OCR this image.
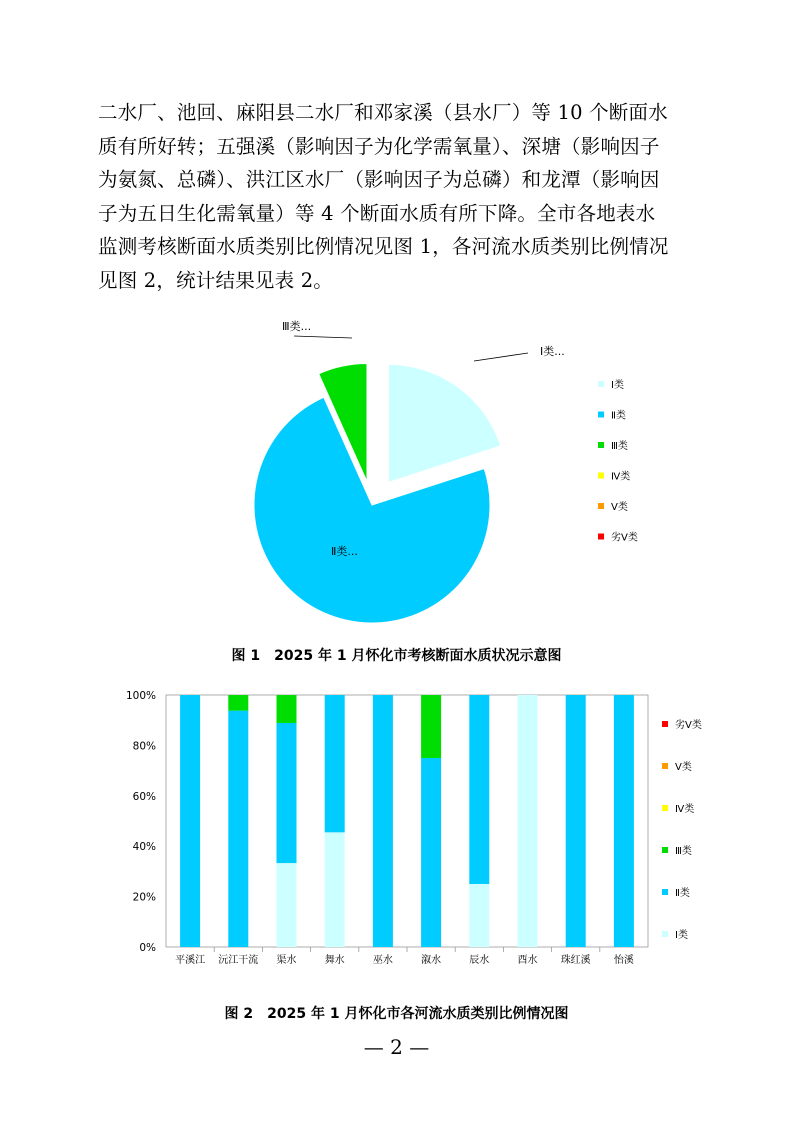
二水厂、池回、麻阳县二水厂和邓家溪（县水厂）等 10 个断面水
质有所好转；五强溪（影响因子为化学需氧量）、深塘（影响因子
为氨氮、总磷）、洪江区水厂（影响因子为总磷）和龙潭（影响因
子为五日生化需氧量）等 4 个断面水质有所下降。全市各地表水
监测考核断面水质类别比例情况见图 1，各河流水质类别比例情况
见图 2，统计结果见表 2。
Ⅰ类...
Ⅱ类...
Ⅲ类...
Ⅰ类
Ⅱ类
Ⅲ类
Ⅳ类
Ⅴ类
劣Ⅴ类
图 1　2025 年 1 月怀化市考核断面水质状况示意图
0%
20%
40%
60%
80%
100%
平溪江 沅江干流 渠水	舞水	巫水	溆水	辰水	酉水 珠红溪 怡溪
劣Ⅴ类
Ⅴ类
Ⅳ类
Ⅲ类
Ⅱ类
Ⅰ类
图 2　2025 年 1 月怀化市各河流水质类别比例情况图
— 2 —
